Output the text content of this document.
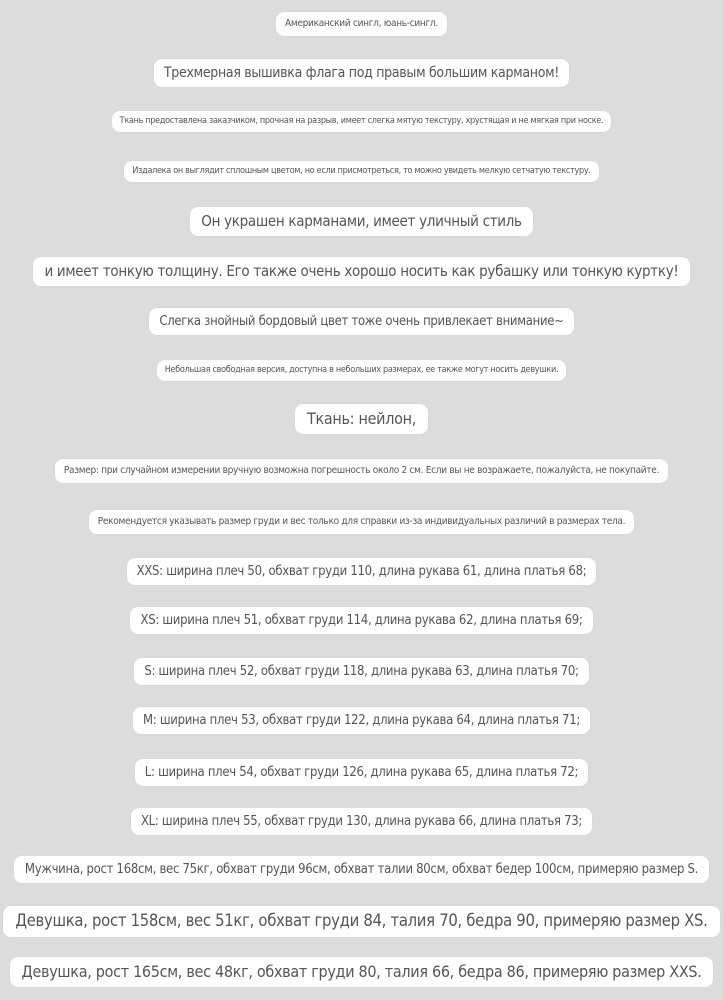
Американский сингл, юань-сингл.
Трехмерная вышивка флага под правым большим карманом!
Ткань предоставлена заказчиком, прочная на разрыв, имеет слегка мятую текстуру, хрустящая и не мягкая при носке.
Издалека он выглядит сплошным цветом, но если присмотреться, то можно увидеть мелкую сетчатую текстуру.
Он украшен карманами, имеет уличный стиль
и имеет тонкую толщину. Его также очень хорошо носить как рубашку или тонкую куртку!
Слегка знойный бордовый цвет тоже очень привлекает внимание~
Небольшая свободная версия, доступна в небольших размерах, ее также могут носить девушки.
Ткань: нейлон,
Размер: при случайном измерении вручную возможна погрешность около 2 см. Если вы не возражаете, пожалуйста, не покупайте.
Рекомендуется указывать размер груди и вес только для справки из-за индивидуальных различий в размерах тела.
XXS: ширина плеч 50, обхват груди 110, длина рукава 61, длина платья 68;
XS: ширина плеч 51, обхват груди 114, длина рукава 62, длина платья 69;
S: ширина плеч 52, обхват груди 118, длина рукава 63, длина платья 70;
M: ширина плеч 53, обхват груди 122, длина рукава 64, длина платья 71;
L: ширина плеч 54, обхват груди 126, длина рукава 65, длина платья 72;
XL: ширина плеч 55, обхват груди 130, длина рукава 66, длина платья 73;
Мужчина, рост 168см, вес 75кг, обхват груди 96см, обхват талии 80см, обхват бедер 100см, примеряю размер S.
Девушка, рост 158см, вес 51кг, обхват груди 84, талия 70, бедра 90, примеряю размер XS.
Девушка, рост 165см, вес 48кг, обхват груди 80, талия 66, бедра 86, примеряю размер XXS.
